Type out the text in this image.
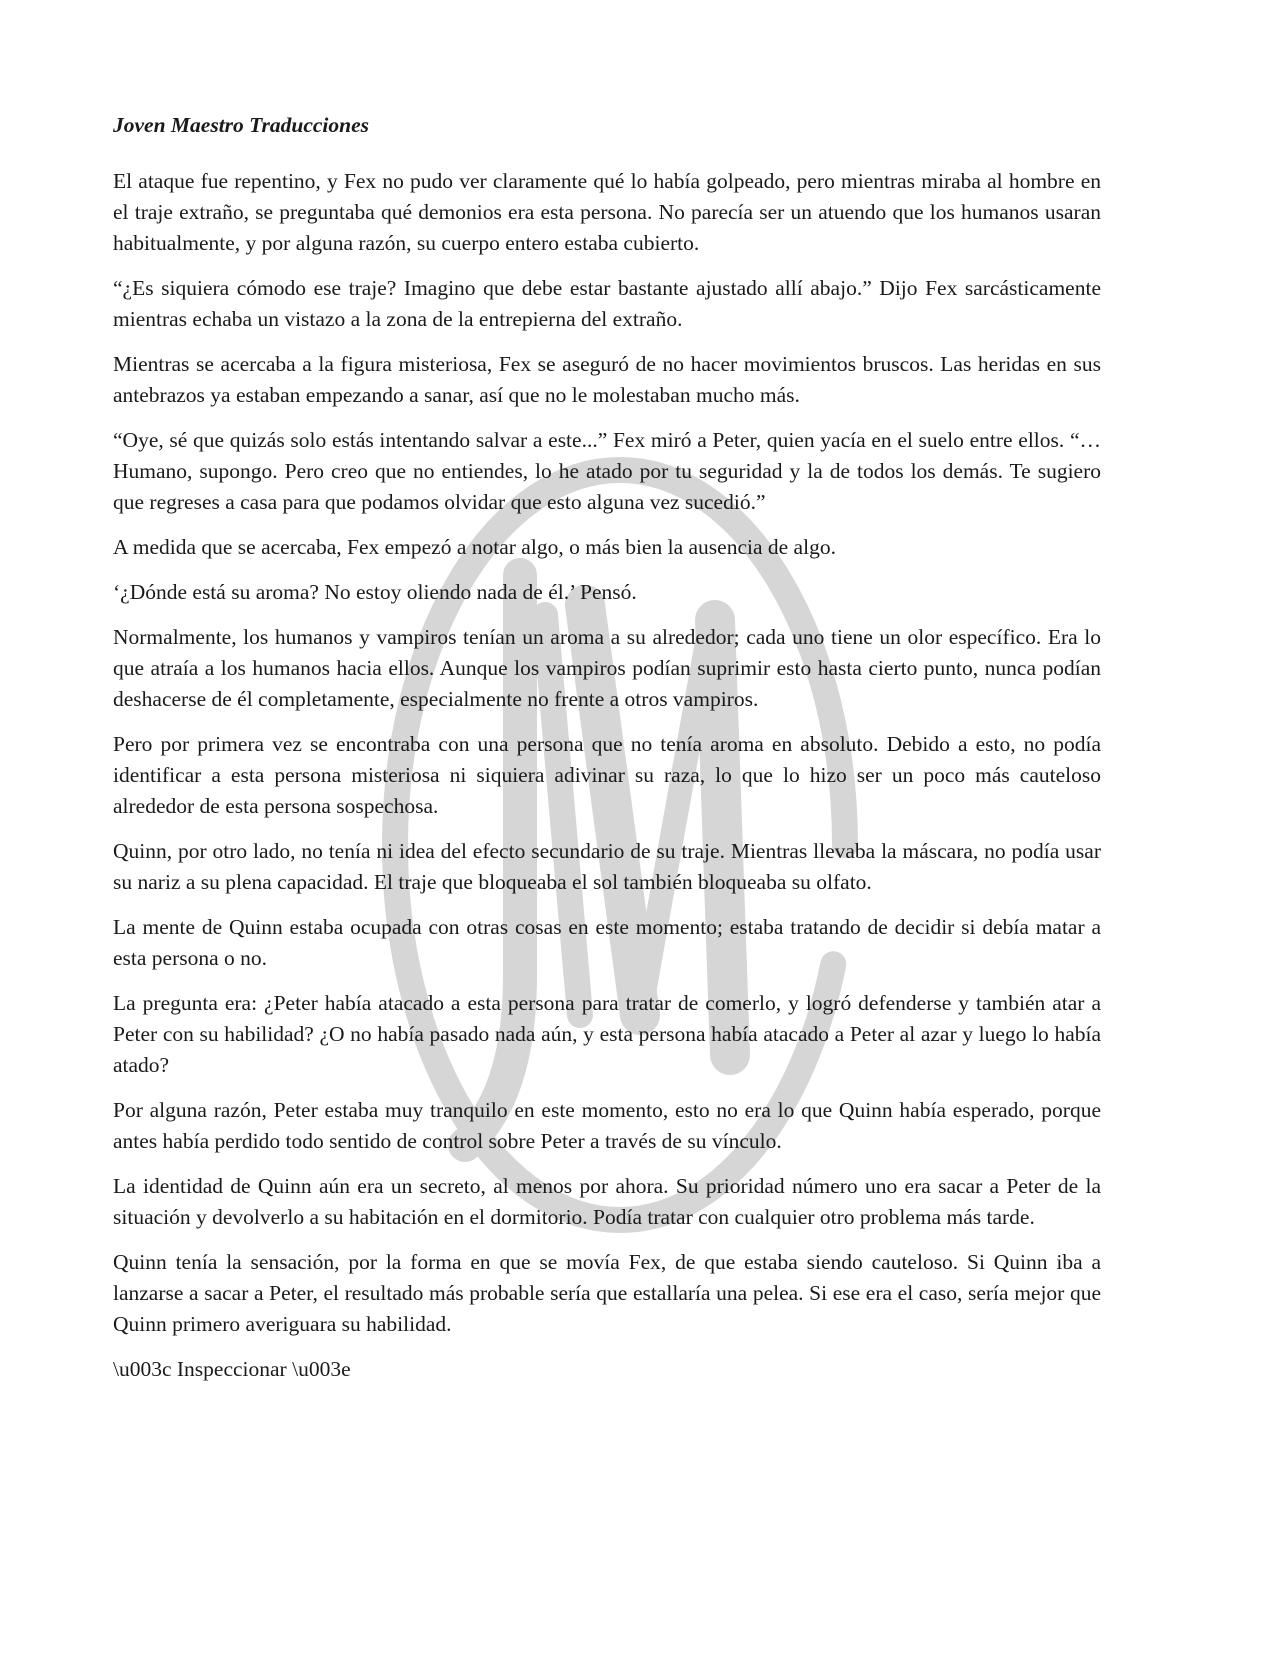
Joven Maestro Traducciones

El ataque fue repentino, y Fex no pudo ver claramente qué lo había golpeado, pero mientras miraba al hombre en el traje extraño, se preguntaba qué demonios era esta persona. No parecía ser un atuendo que los humanos usaran habitualmente, y por alguna razón, su cuerpo entero estaba cubierto.

“¿Es siquiera cómodo ese traje? Imagino que debe estar bastante ajustado allí abajo.” Dijo Fex sarcásticamente mientras echaba un vistazo a la zona de la entrepierna del extraño.

Mientras se acercaba a la figura misteriosa, Fex se aseguró de no hacer movimientos bruscos. Las heridas en sus antebrazos ya estaban empezando a sanar, así que no le molestaban mucho más.

“Oye, sé que quizás solo estás intentando salvar a este...” Fex miró a Peter, quien yacía en el suelo entre ellos. “…Humano, supongo. Pero creo que no entiendes, lo he atado por tu seguridad y la de todos los demás. Te sugiero que regreses a casa para que podamos olvidar que esto alguna vez sucedió.”

A medida que se acercaba, Fex empezó a notar algo, o más bien la ausencia de algo.

‘¿Dónde está su aroma? No estoy oliendo nada de él.’ Pensó.

Normalmente, los humanos y vampiros tenían un aroma a su alrededor; cada uno tiene un olor específico. Era lo que atraía a los humanos hacia ellos. Aunque los vampiros podían suprimir esto hasta cierto punto, nunca podían deshacerse de él completamente, especialmente no frente a otros vampiros.

Pero por primera vez se encontraba con una persona que no tenía aroma en absoluto. Debido a esto, no podía identificar a esta persona misteriosa ni siquiera adivinar su raza, lo que lo hizo ser un poco más cauteloso alrededor de esta persona sospechosa.

Quinn, por otro lado, no tenía ni idea del efecto secundario de su traje. Mientras llevaba la máscara, no podía usar su nariz a su plena capacidad. El traje que bloqueaba el sol también bloqueaba su olfato.

La mente de Quinn estaba ocupada con otras cosas en este momento; estaba tratando de decidir si debía matar a esta persona o no.

La pregunta era: ¿Peter había atacado a esta persona para tratar de comerlo, y logró defenderse y también atar a Peter con su habilidad? ¿O no había pasado nada aún, y esta persona había atacado a Peter al azar y luego lo había atado?

Por alguna razón, Peter estaba muy tranquilo en este momento, esto no era lo que Quinn había esperado, porque antes había perdido todo sentido de control sobre Peter a través de su vínculo.

La identidad de Quinn aún era un secreto, al menos por ahora. Su prioridad número uno era sacar a Peter de la situación y devolverlo a su habitación en el dormitorio. Podía tratar con cualquier otro problema más tarde.

Quinn tenía la sensación, por la forma en que se movía Fex, de que estaba siendo cauteloso. Si Quinn iba a lanzarse a sacar a Peter, el resultado más probable sería que estallaría una pelea. Si ese era el caso, sería mejor que Quinn primero averiguara su habilidad.

\u003c Inspeccionar \u003e
